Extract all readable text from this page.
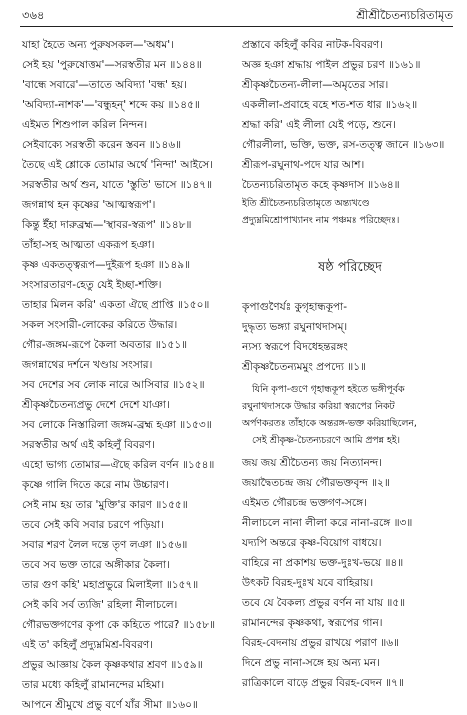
৩৬৪	শ্রীশ্রীচৈতন্যচরিতামৃত
যাহা হৈতে অন্য পুরুষসকল—'অধম'।
সেই হয় 'পুরুষোত্তম'—সরস্বতীর মন ॥১৪৪॥
'বান্ধে সবারে'—তাতে অবিদ্যা 'বন্ধ' হয়।
'অবিদ্যা-নাশক'—'বন্ধুহন্' শব্দে কয় ॥১৪৫॥
এইমত শিশুপাল করিল নিন্দন।
সেইবাক্যে সরস্বতী করেন স্তবন ॥১৪৬॥
তৈছে এই শ্লোকে তোমার অর্থে 'নিন্দা' আইসে।
সরস্বতীর অর্থ শুন, যাতে 'স্তুতি' ভাসে ॥১৪৭॥
জগন্নাথ হন কৃষ্ণের 'আত্মস্বরূপ'।
কিন্তু ইঁহা দারুব্রহ্ম—'স্থাবর-স্বরূপ' ॥১৪৮॥
তাঁহা-সহ আত্মতা একরূপ হঞা।
কৃষ্ণ একতত্ত্বরূপ—দুইরূপ হঞা ॥১৪৯॥
সংসারতারণ-হেতু যেই ইচ্ছা-শক্তি।
তাহার মিলন করি' একতা ঐছে প্রাপ্তি ॥১৫০॥
সকল সংসারী-লোকের করিতে উদ্ধার।
গৌর-জঙ্গম-রূপে কৈলা অবতার ॥১৫১॥
জগন্নাথের দর্শনে খণ্ডায় সংসার।
সব দেশের সব লোক নারে আসিবার ॥১৫২॥
শ্রীকৃষ্ণচৈতন্যপ্রভু দেশে দেশে যাঞা।
সব লোকে নিস্তারিলা জঙ্গম-ব্রহ্ম হঞা ॥১৫৩॥
সরস্বতীর অর্থ এই কহিলুঁ বিবরণ।
এহো ভাগ্য তোমার—ঐছে করিল বর্ণন ॥১৫৪॥
কৃষ্ণে গালি দিতে করে নাম উচ্চারণ।
সেই নাম হয় তার 'মুক্তি'র কারণ ॥১৫৫॥
তবে সেই কবি সবার চরণে পড়িয়া।
সবার শরণ লৈল দন্তে তৃণ লঞা ॥১৫৬॥
তবে সব ভক্ত তারে অঙ্গীকার কৈলা।
তার গুণ কহি' মহাপ্রভুরে মিলাইলা ॥১৫৭॥
সেই কবি সর্ব ত্যজি' রহিলা নীলাচলে।
গৌরভক্তগণের কৃপা কে কহিতে পারে? ॥১৫৮॥
এই ত' কহিলুঁ প্রদ্যুম্নমিশ্র-বিবরণ।
প্রভুর আজ্ঞায় কৈল কৃষ্ণকথার শ্রবণ ॥১৫৯॥
তার মধ্যে কহিলুঁ রামানন্দের মহিমা।
আপনে শ্রীমুখে প্রভু বর্ণে যাঁর সীমা ॥১৬০॥
প্রস্তাবে কহিলুঁ কবির নাটক-বিবরণ।
অজ্ঞ হঞা শ্রদ্ধায় পাইল প্রভুর চরণ ॥১৬১॥
শ্রীকৃষ্ণচৈতন্য-লীলা—অমৃতের সার।
একলীলা-প্রবাহে বহে শত-শত ধার ॥১৬২॥
শ্রদ্ধা করি' এই লীলা যেই পড়ে, শুনে।
গৌরলীলা, ভক্তি, ভক্ত, রস-তত্ত্ব জানে ॥১৬৩॥
শ্রীরূপ-রঘুনাথ-পদে যার আশ।
চৈতন্যচরিতামৃত কহে কৃষ্ণদাস ॥১৬৪॥
ইতি শ্রীচৈতন্যচরিতামৃতে অন্ত্যখণ্ডে
প্রদ্যুম্নমিশ্রোপাখ্যানং নাম পঞ্চমঃ পরিচ্ছেদঃ।
ষষ্ঠ পরিচ্ছেদ
কৃপাগুণৈর্যঃ কুগৃহান্ধকূপা-
দুদ্ধৃত্য ভঙ্গ্যা রঘুনাথদাসম্।
ন্যস্য স্বরূপে বিদধেহন্তরঙ্গং
শ্রীকৃষ্ণচৈতন্যমমুং প্রপদ্যে ॥১॥
যিনি কৃপা-গুণে গৃহান্ধকূপ হইতে ভঙ্গীপূর্বক
রঘুনাথদাসকে উদ্ধার করিয়া স্বরূপের নিকট
অর্পণকরতঃ তাঁহাকে অন্তরঙ্গ-ভক্ত করিয়াছিলেন,
সেই শ্রীকৃষ্ণ-চৈতন্যচরণে আমি প্রপন্ন হই।
জয় জয় শ্রীচৈতন্য জয় নিত্যানন্দ।
জয়াদ্বৈতচন্দ্র জয় গৌরভক্তবৃন্দ ॥২॥
এইমত গৌরচন্দ্র ভক্তগণ-সঙ্গে।
নীলাচলে নানা লীলা করে নানা-রঙ্গে ॥৩॥
যদ্যপি অন্তরে কৃষ্ণ-বিয়োগ বাধয়ে।
বাহিরে না প্রকাশয় ভক্ত-দুঃখ-ভয়ে ॥৪॥
উৎকট বিরহ-দুঃখ যবে বাহিরায়।
তবে যে বৈকল্য প্রভুর বর্ণন না যায় ॥৫॥
রামানন্দের কৃষ্ণকথা, স্বরূপের গান।
বিরহ-বেদনায় প্রভুর রাখয়ে পরাণ ॥৬॥
দিনে প্রভু নানা-সঙ্গে হয় অন্য মন।
রাত্রিকালে বাড়ে প্রভুর বিরহ-বেদন ॥৭॥
